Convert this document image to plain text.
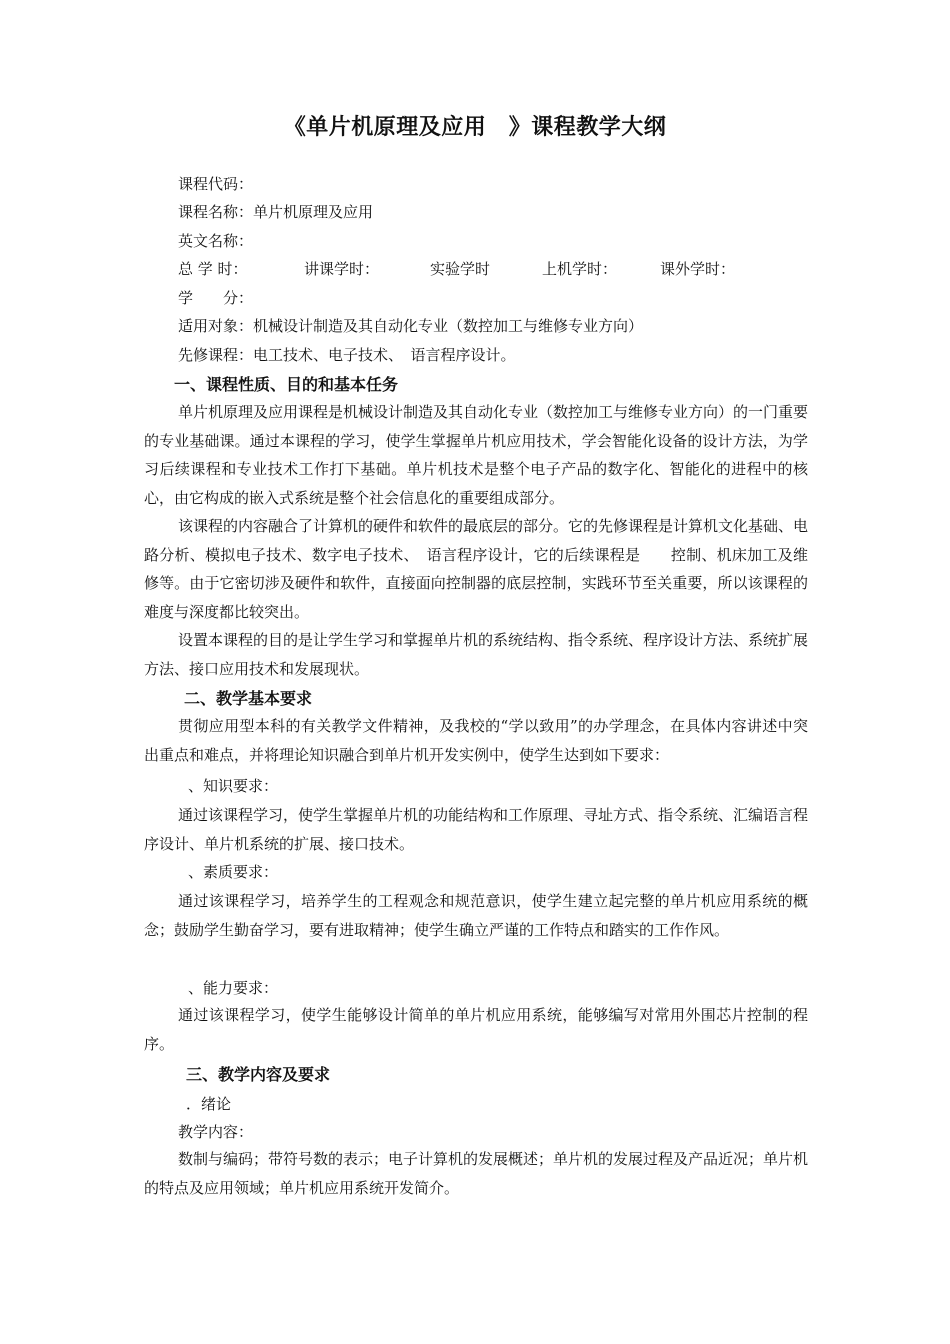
《单片机原理及应用　》课程教学大纲
课程代码：
课程名称：单片机原理及应用
英文名称：
总 学 时：	讲课学时：	实验学时	上机学时：	课外学时：
学　　分：
适用对象：机械设计制造及其自动化专业（数控加工与维修专业方向）
先修课程：电工技术、电子技术、　语言程序设计。
一、课程性质、目的和基本任务

单片机原理及应用课程是机械设计制造及其自动化专业（数控加工与维修专业方向）的一门重要的专业基础课。通过本课程的学习，使学生掌握单片机应用技术，学会智能化设备的设计方法，为学习后续课程和专业技术工作打下基础。单片机技术是整个电子产品的数字化、智能化的进程中的核心，由它构成的嵌入式系统是整个社会信息化的重要组成部分。

该课程的内容融合了计算机的硬件和软件的最底层的部分。它的先修课程是计算机文化基础、电路分析、模拟电子技术、数字电子技术、　语言程序设计，它的后续课程是　　控制、机床加工及维修等。由于它密切涉及硬件和软件，直接面向控制器的底层控制，实践环节至关重要，所以该课程的难度与深度都比较突出。

设置本课程的目的是让学生学习和掌握单片机的系统结构、指令系统、程序设计方法、系统扩展方法、接口应用技术和发展现状。

二、教学基本要求

贯彻应用型本科的有关教学文件精神，及我校的“学以致用”的办学理念，在具体内容讲述中突出重点和难点，并将理论知识融合到单片机开发实例中，使学生达到如下要求：

、知识要求：

通过该课程学习，使学生掌握单片机的功能结构和工作原理、寻址方式、指令系统、汇编语言程序设计、单片机系统的扩展、接口技术。

、素质要求：

通过该课程学习，培养学生的工程观念和规范意识，使学生建立起完整的单片机应用系统的概念；鼓励学生勤奋学习，要有进取精神；使学生确立严谨的工作特点和踏实的工作作风。

、能力要求：

通过该课程学习，使学生能够设计简单的单片机应用系统，能够编写对常用外围芯片控制的程序。

三、教学内容及要求
．绪论
教学内容：

数制与编码；带符号数的表示；电子计算机的发展概述；单片机的发展过程及产品近况；单片机的特点及应用领域；单片机应用系统开发简介。
